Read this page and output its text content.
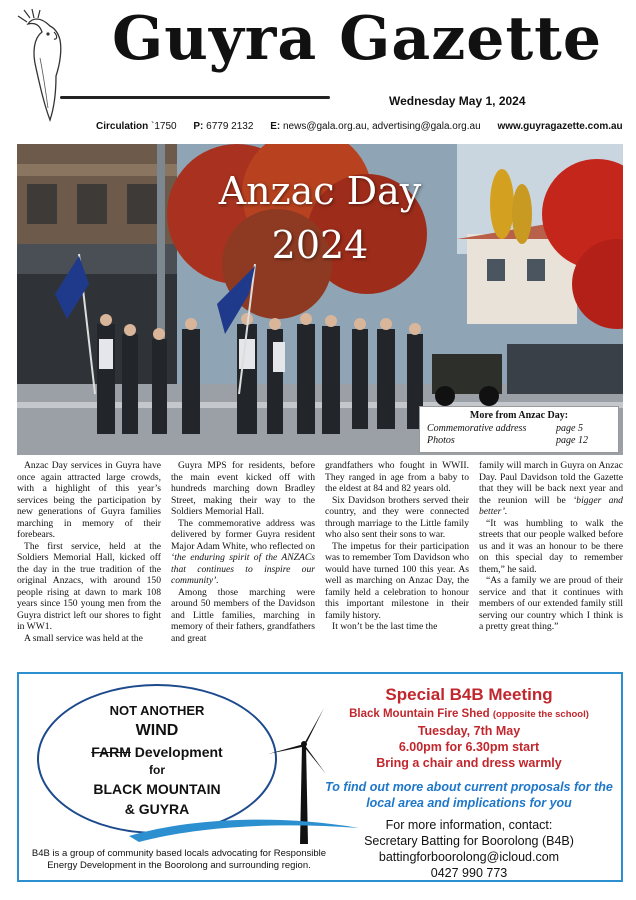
Guyra Gazette
Wednesday May 1, 2024
Circulation `1750 P: 6779 2132 E: news@gala.org.au, advertising@gala.org.au www.guyragazette.com.au
Anzac Day
2024
More from Anzac Day:
Commemorative address	page 5
Photos	page 12

Anzac Day services in Guyra have once again attracted large crowds, with a highlight of this year’s services being the participation by new generations of Guyra families marching in memory of their forebears.

The first service, held at the Soldiers Memorial Hall, kicked off the day in the true tradition of the original Anzacs, with around 150 people rising at dawn to mark 108 years since 150 young men from the Guyra district left our shores to fight in WW1.

A small service was held at the

Guyra MPS for residents, before the main event kicked off with hundreds marching down Bradley Street, making their way to the Soldiers Memorial Hall.

The commemorative address was delivered by former Guyra resident Major Adam White, who reflected on ‘the enduring spirit of the ANZACs that continues to inspire our community’.

Among those marching were around 50 members of the Davidson and Little families, marching in memory of their fathers, grandfathers and great

grandfathers who fought in WWII. They ranged in age from a baby to the eldest at 84 and 82 years old.

Six Davidson brothers served their country, and they were connected through marriage to the Little family who also sent their sons to war.

The impetus for their participation was to remember Tom Davidson who would have turned 100 this year. As well as marching on Anzac Day, the family held a celebration to honour this important milestone in their family history.

It won’t be the last time the

family will march in Guyra on Anzac Day. Paul Davidson told the Gazette that they will be back next year and the reunion will be ‘bigger and better’.

“It was humbling to walk the streets that our people walked before us and it was an honour to be there on this special day to remember them,” he said.

“As a family we are proud of their service and that it continues with members of our extended family still serving our country which I think is a pretty great thing.”

NOT ANOTHER
WIND
FARM Development
for
BLACK MOUNTAIN
& GUYRA
B4B is a group of community based locals advocating for Responsible Energy Development in the Boorolong and surrounding region.
Special B4B Meeting
Black Mountain Fire Shed (opposite the school)
Tuesday, 7th May
6.00pm for 6.30pm start
Bring a chair and dress warmly
To find out more about current proposals for the local area and implications for you
For more information, contact:
Secretary Batting for Boorolong (B4B)
battingforboorolong@icloud.com
0427 990 773
